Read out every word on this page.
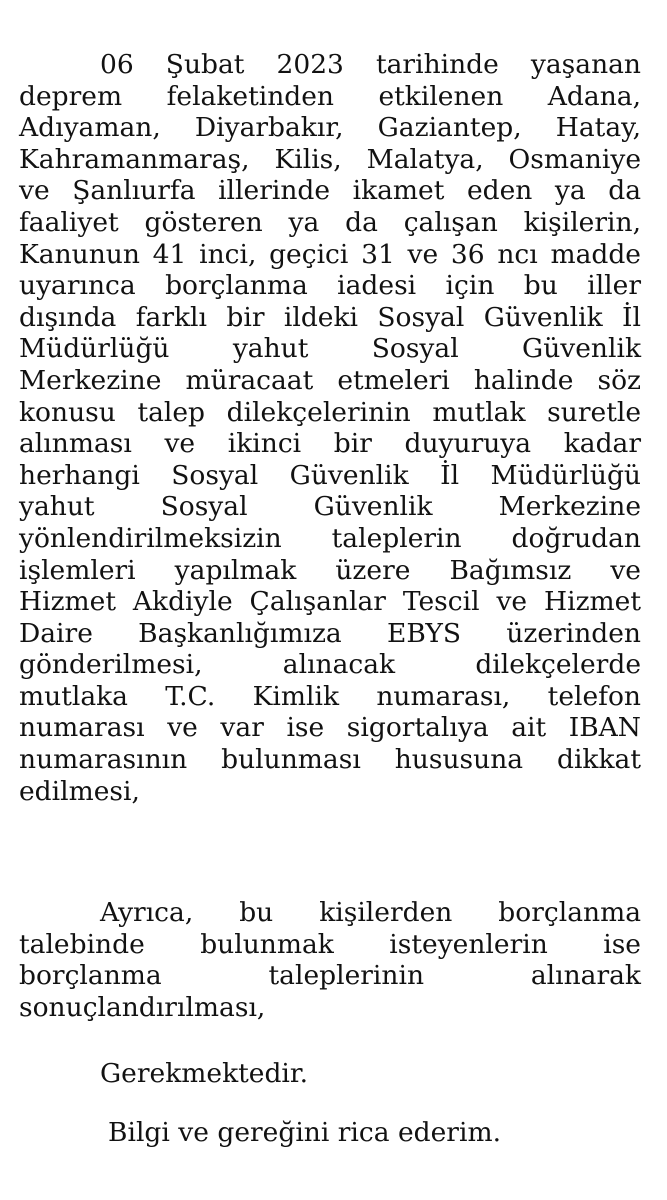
06 Şubat 2023 tarihinde yaşanan
deprem felaketinden etkilenen Adana,
Adıyaman, Diyarbakır, Gaziantep, Hatay,
Kahramanmaraş, Kilis, Malatya, Osmaniye
ve Şanlıurfa illerinde ikamet eden ya da
faaliyet gösteren ya da çalışan kişilerin,
Kanunun 41 inci, geçici 31 ve 36 ncı madde
uyarınca borçlanma iadesi için bu iller
dışında farklı bir ildeki Sosyal Güvenlik İl
Müdürlüğü yahut Sosyal Güvenlik
Merkezine müracaat etmeleri halinde söz
konusu talep dilekçelerinin mutlak suretle
alınması ve ikinci bir duyuruya kadar
herhangi Sosyal Güvenlik İl Müdürlüğü
yahut Sosyal Güvenlik Merkezine
yönlendirilmeksizin taleplerin doğrudan
işlemleri yapılmak üzere Bağımsız ve
Hizmet Akdiyle Çalışanlar Tescil ve Hizmet
Daire Başkanlığımıza EBYS üzerinden
gönderilmesi, alınacak dilekçelerde
mutlaka T.C. Kimlik numarası, telefon
numarası ve var ise sigortalıya ait IBAN
numarasının bulunması hususuna dikkat
edilmesi,
Ayrıca, bu kişilerden borçlanma
talebinde bulunmak isteyenlerin ise
borçlanma taleplerinin alınarak
sonuçlandırılması,
Gerekmektedir.
Bilgi ve gereğini rica ederim.
